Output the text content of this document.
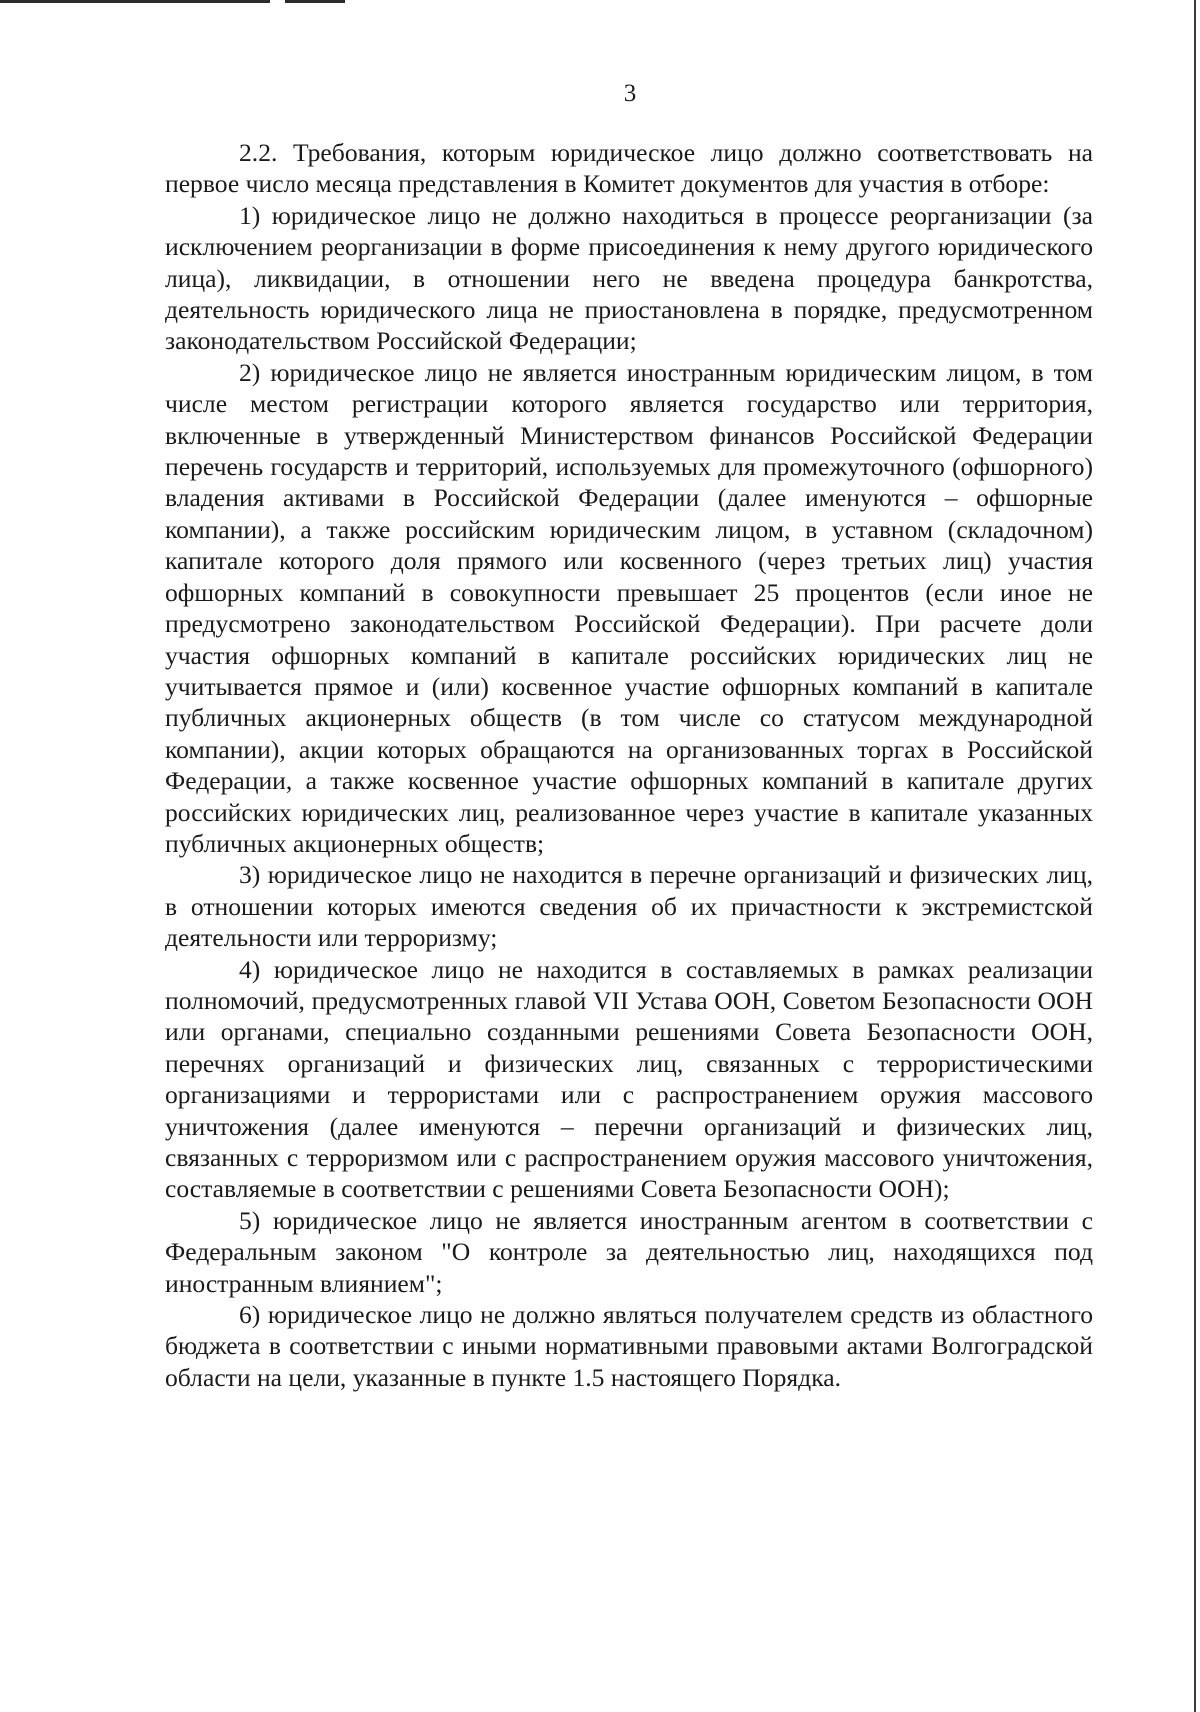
3

2.2. Требования, которым юридическое лицо должно соответствовать на первое число месяца представления в Комитет документов для участия в отборе:

1) юридическое лицо не должно находиться в процессе реорганизации (за исключением реорганизации в форме присоединения к нему другого юридического лица), ликвидации, в отношении него не введена процедура банкротства, деятельность юридического лица не приостановлена в порядке, предусмотренном законодательством Российской Федерации;

2) юридическое лицо не является иностранным юридическим лицом, в том числе местом регистрации которого является государство или территория, включенные в утвержденный Министерством финансов Российской Федерации перечень государств и территорий, используемых для промежуточного (офшорного) владения активами в Российской Федерации (далее именуются – офшорные компании), а также российским юридическим лицом, в уставном (складочном) капитале которого доля прямого или косвенного (через третьих лиц) участия офшорных компаний в совокупности превышает 25 процентов (если иное не предусмотрено законодательством Российской Федерации). При расчете доли участия офшорных компаний в капитале российских юридических лиц не учитывается прямое и (или) косвенное участие офшорных компаний в капитале публичных акционерных обществ (в том числе со статусом международной компании), акции которых обращаются на организованных торгах в Российской Федерации, а также косвенное участие офшорных компаний в капитале других российских юридических лиц, реализованное через участие в капитале указанных публичных акционерных обществ;

3) юридическое лицо не находится в перечне организаций и физических лиц, в отношении которых имеются сведения об их причастности к экстремистской деятельности или терроризму;

4) юридическое лицо не находится в составляемых в рамках реализации полномочий, предусмотренных главой VII Устава ООН, Советом Безопасности ООН или органами, специально созданными решениями Совета Безопасности ООН, перечнях организаций и физических лиц, связанных с террористическими организациями и террористами или с распространением оружия массового уничтожения (далее именуются – перечни организаций и физических лиц, связанных с терроризмом или с распространением оружия массового уничтожения, составляемые в соответствии с решениями Совета Безопасности ООН);

5) юридическое лицо не является иностранным агентом в соответствии с Федеральным законом "О контроле за деятельностью лиц, находящихся под иностранным влиянием";

6) юридическое лицо не должно являться получателем средств из областного бюджета в соответствии с иными нормативными правовыми актами Волгоградской области на цели, указанные в пункте 1.5 настоящего Порядка.
